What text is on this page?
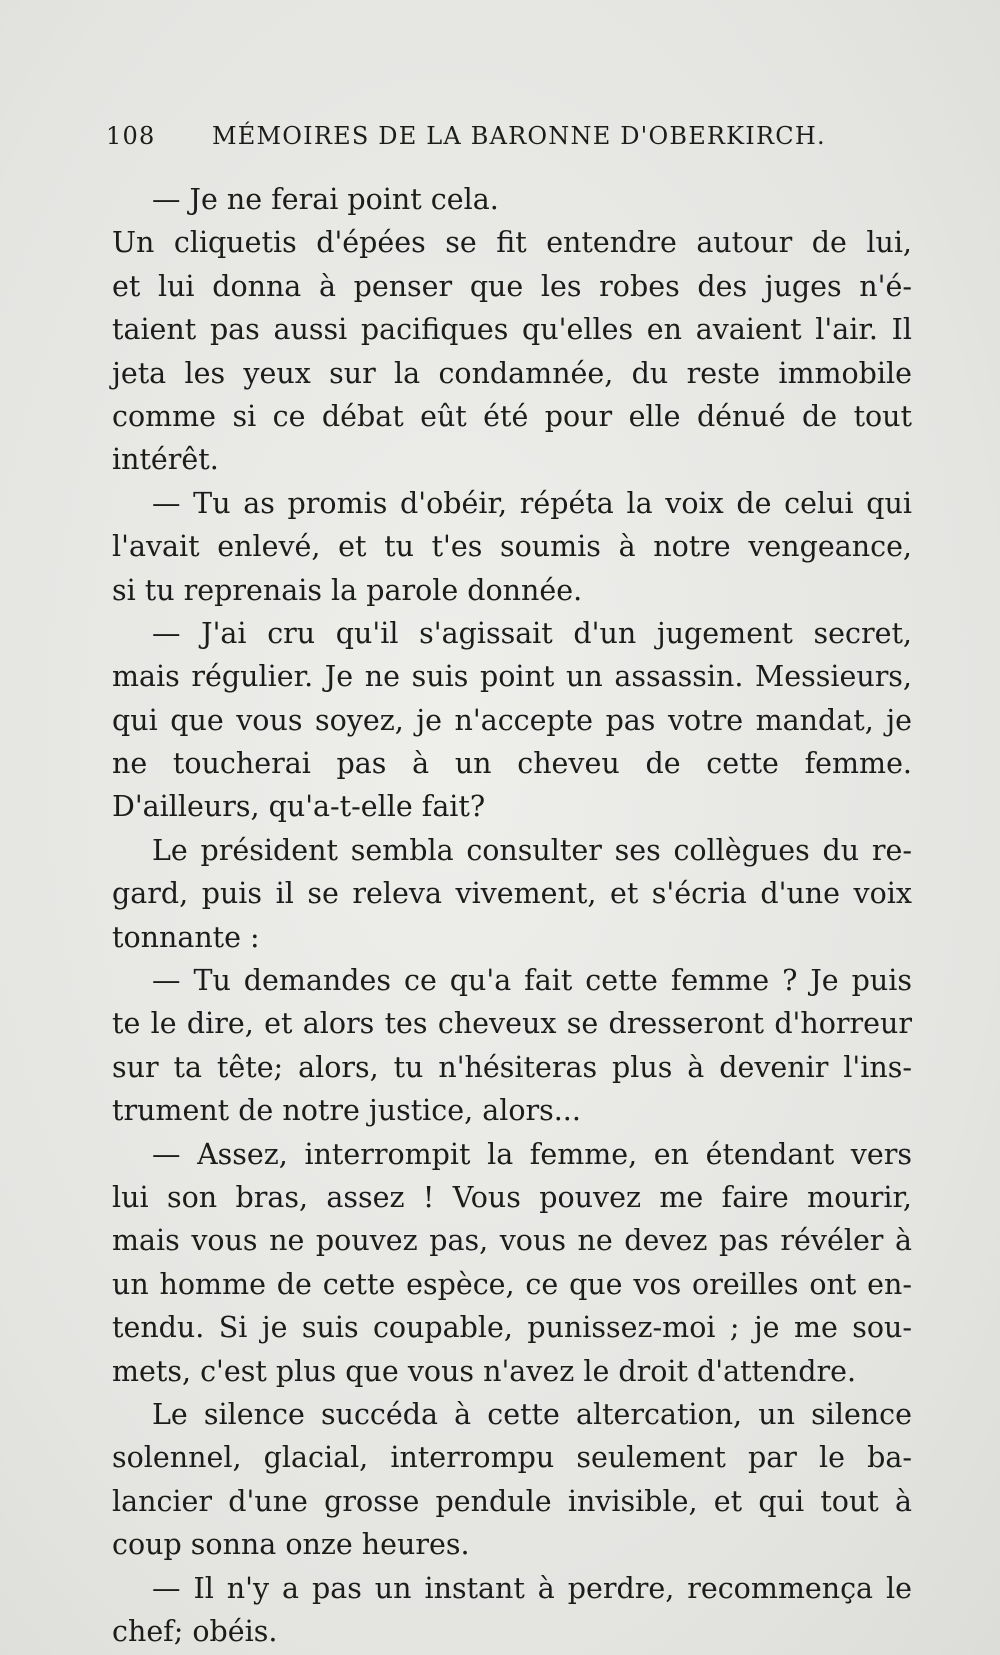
108 MÉMOIRES DE LA BARONNE D'OBERKIRCH.
— Je ne ferai point cela.
Un cliquetis d'épées se fit entendre autour de lui,
et lui donna à penser que les robes des juges n'é-
taient pas aussi pacifiques qu'elles en avaient l'air. Il
jeta les yeux sur la condamnée, du reste immobile
comme si ce débat eût été pour elle dénué de tout
intérêt.
— Tu as promis d'obéir, répéta la voix de celui qui
l'avait enlevé, et tu t'es soumis à notre vengeance,
si tu reprenais la parole donnée.
— J'ai cru qu'il s'agissait d'un jugement secret,
mais régulier. Je ne suis point un assassin. Messieurs,
qui que vous soyez, je n'accepte pas votre mandat, je
ne toucherai pas à un cheveu de cette femme.
D'ailleurs, qu'a-t-elle fait?
Le président sembla consulter ses collègues du re-
gard, puis il se releva vivement, et s'écria d'une voix
tonnante :
— Tu demandes ce qu'a fait cette femme ? Je puis
te le dire, et alors tes cheveux se dresseront d'horreur
sur ta tête; alors, tu n'hésiteras plus à devenir l'ins-
trument de notre justice, alors...
— Assez, interrompit la femme, en étendant vers
lui son bras, assez ! Vous pouvez me faire mourir,
mais vous ne pouvez pas, vous ne devez pas révéler à
un homme de cette espèce, ce que vos oreilles ont en-
tendu. Si je suis coupable, punissez-moi ; je me sou-
mets, c'est plus que vous n'avez le droit d'attendre.
Le silence succéda à cette altercation, un silence
solennel, glacial, interrompu seulement par le ba-
lancier d'une grosse pendule invisible, et qui tout à
coup sonna onze heures.
— Il n'y a pas un instant à perdre, recommença le
chef; obéis.
